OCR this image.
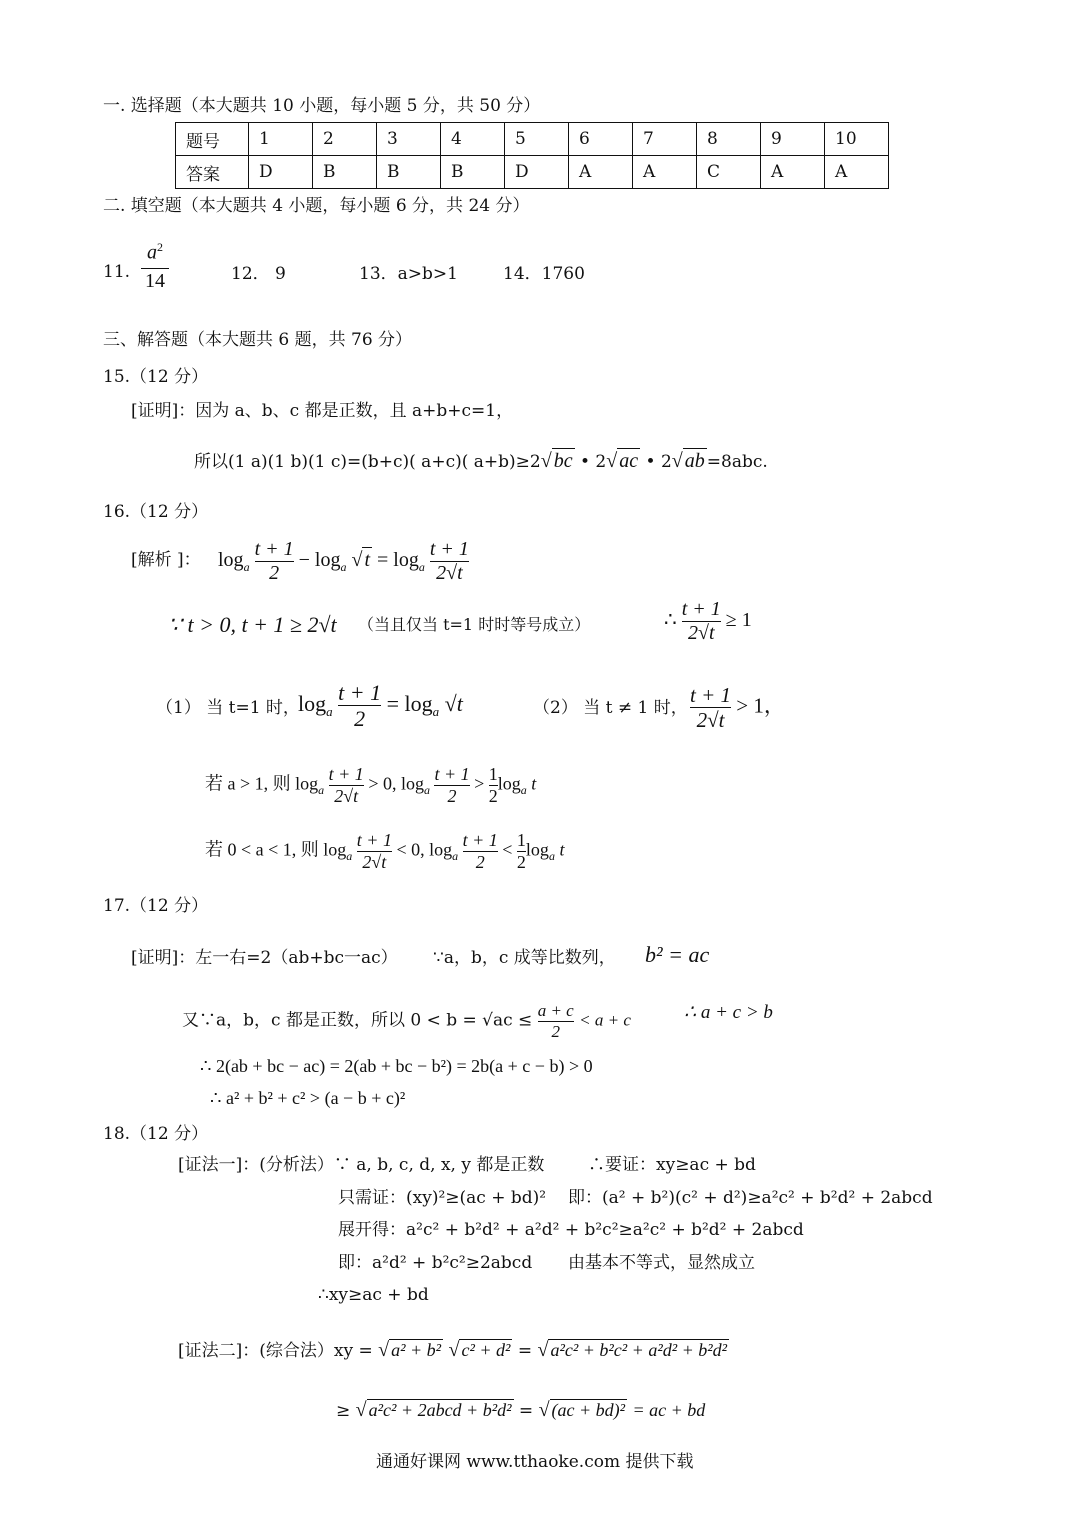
一. 选择题（本大题共 10 小题，每小题 5 分，共 50 分）
题号	1	2	3	4	5	6	7	8	9	10
答案	D	B	B	B	D	A	A	C	A	A
二. 填空题（本大题共 4 小题，每小题 6 分，共 24 分）
11.
$a^2$
14	12． 9	13．a>b>1	14．1760
三、解答题（本大题共 6 题，共 76 分）
15.（12 分）
[证明]：因为 a、b、c 都是正数，且 a+b+c=1，
所以(1 a)(1 b)(1 c)=(b+c)( a+c)( a+b)≥2√ bc • 2√ ac • 2√ ab =8abc.
16.（12 分）
[解析 ]： $\log_a \frac{t + 1}{2} - \log_a$ √ $t = \log_a \frac{t + 1}{2√t}$
∵ t > 0, t + 1 ≥ 2√t （当且仅当 t=1 时时等号成立）	∴ $\frac{t + 1}{2√t} \ge 1$
（1） 当 t=1 时，
$\log_a \frac{t + 1}{2} = \log_a √t$	（2） 当 t ≠ 1 时， $\frac{t + 1}{2√t} > 1$，
若 a > 1, 则 $\log_a \frac{t + 1}{2√t} > 0$, $\log_a \frac{t + 1}{2} > \frac{1}{2} \log_a t$
若 0 < a < 1, 则 $\log_a \frac{t + 1}{2√t} < 0$, $\log_a \frac{t + 1}{2} < \frac{1}{2} \log_a t$
17.（12 分）
[证明]：左一右=2（ab+bc一ac） ∵a，b，c 成等比数列， b² = ac
又∵a，b，c 都是正数，所以 $0 < b = √ac \le \frac{a + c}{2} < a + c$	∴ a + c > b
∴ 2(ab + bc − ac) = 2(ab + bc − b²) = 2b(a + c − b) > 0
∴ a² + b² + c² > (a − b + c)²
18.（12 分）
[证法一]：(分析法）∵ a, b, c, d, x, y 都是正数	∴要证：xy≥ac + bd
只需证：(xy)²≥(ac + bd)² 即：(a² + b²)(c² + d²)≥a²c² + b²d² + 2abcd
展开得：a²c² + b²d² + a²d² + b²c²≥a²c² + b²d² + 2abcd
即：a²d² + b²c²≥2abcd 由基本不等式，显然成立
∴xy≥ac + bd
[证法二]：(综合法）xy = √ a² + b² √ c² + d² = √ a²c² + b²c² + a²d² + b²d²
≥ √ a²c² + 2abcd + b²d² = √ (ac + bd)² = ac + bd
通通好课网 www.tthaoke.com 提供下载
